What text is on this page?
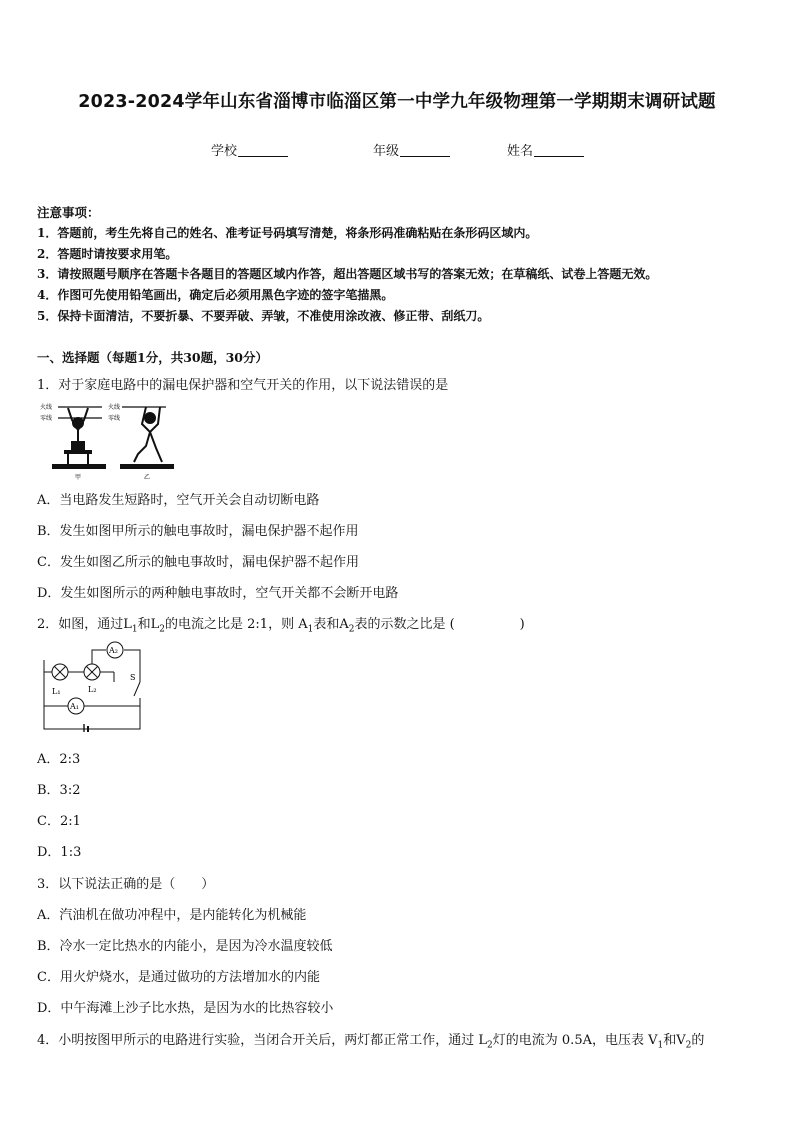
2023-2024学年山东省淄博市临淄区第一中学九年级物理第一学期期末调研试题
学校	年级	姓名
注意事项：
1．答题前，考生先将自己的姓名、准考证号码填写清楚，将条形码准确粘贴在条形码区域内。
2．答题时请按要求用笔。
3．请按照题号顺序在答题卡各题目的答题区域内作答，超出答题区域书写的答案无效；在草稿纸、试卷上答题无效。
4．作图可先使用铅笔画出，确定后必须用黑色字迹的签字笔描黑。
5．保持卡面清洁，不要折暴、不要弄破、弄皱，不准使用涂改液、修正带、刮纸刀。
一、选择题（每题1分，共30题，30分）
1．对于家庭电路中的漏电保护器和空气开关的作用，以下说法错误的是
火线
零线
甲
火线
零线
乙
A．当电路发生短路时，空气开关会自动切断电路
B．发生如图甲所示的触电事故时，漏电保护器不起作用
C．发生如图乙所示的触电事故时，漏电保护器不起作用
D．发生如图所示的两种触电事故时，空气开关都不会断开电路
2．如图，通过$L_1$和$L_2$的电流之比是 2:1，则 $A_1$表和$A_2$表的示数之比是 (　　　　　)
A₂
A₁
L₁	L₂
S
A．2:3
B．3:2
C．2:1
D．1:3
3．以下说法正确的是（　　）
A．汽油机在做功冲程中，是内能转化为机械能
B．冷水一定比热水的内能小，是因为冷水温度较低
C．用火炉烧水，是通过做功的方法增加水的内能
D．中午海滩上沙子比水热，是因为水的比热容较小
4．小明按图甲所示的电路进行实验，当闭合开关后，两灯都正常工作，通过 $L_2$灯的电流为 0.5A，电压表 $V_1$和$V_2$的
